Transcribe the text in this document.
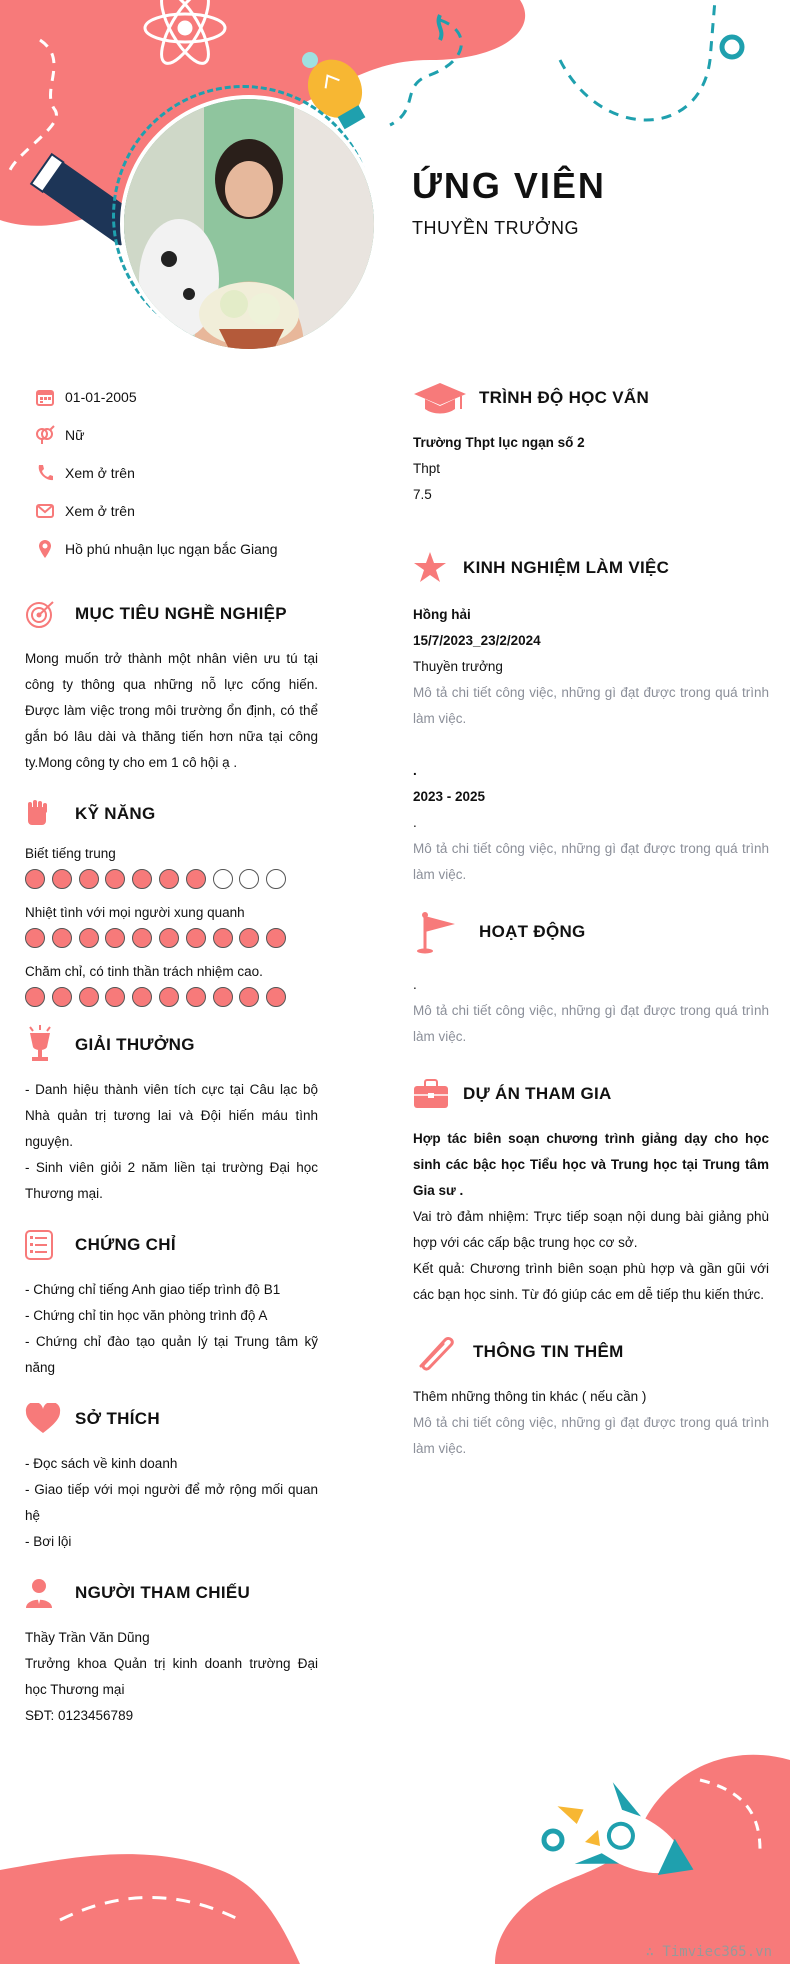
ỨNG VIÊN
THUYỀN TRƯỞNG
01-01-2005
Nữ
Xem ở trên
Xem ở trên
Hồ phú nhuận lục ngạn bắc Giang
MỤC TIÊU NGHỀ NGHIỆP
Mong muốn trở thành một nhân viên ưu tú tại công ty thông qua những nỗ lực cống hiến. Được làm việc trong môi trường ổn định, có thể gắn bó lâu dài và thăng tiến hơn nữa tại công ty.Mong công ty cho em 1 cô hội ạ .
KỸ NĂNG
Biết tiếng trung
Nhiệt tình với mọi người xung quanh
Chăm chỉ, có tinh thần trách nhiệm cao.
GIẢI THƯỞNG
- Danh hiệu thành viên tích cực tại Câu lạc bộ Nhà quản trị tương lai và Đội hiến máu tình nguyện.
- Sinh viên giỏi 2 năm liền tại trường Đại học Thương mại.
CHỨNG CHỈ
- Chứng chỉ tiếng Anh giao tiếp trình độ B1
- Chứng chỉ tin học văn phòng trình độ A
- Chứng chỉ đào tạo quản lý tại Trung tâm kỹ năng
SỞ THÍCH
- Đọc sách về kinh doanh
- Giao tiếp với mọi người để mở rộng mối quan hệ
- Bơi lội
NGƯỜI THAM CHIẾU
Thầy Trần Văn Dũng
Trưởng khoa Quản trị kinh doanh trường Đại học Thương mại
SĐT: 0123456789
TRÌNH ĐỘ HỌC VẤN
Trường Thpt lục ngạn số 2
Thpt
7.5
KINH NGHIỆM LÀM VIỆC
Hồng hải
15/7/2023_23/2/2024
Thuyền trưởng
Mô tả chi tiết công việc, những gì đạt được trong quá trình làm việc.
.
2023 - 2025
.
Mô tả chi tiết công việc, những gì đạt được trong quá trình làm việc.
HOẠT ĐỘNG
.
Mô tả chi tiết công việc, những gì đạt được trong quá trình làm việc.
DỰ ÁN THAM GIA
Hợp tác biên soạn chương trình giảng dạy cho học sinh các bậc học Tiểu học và Trung học tại Trung tâm Gia sư .
Vai trò đảm nhiệm: Trực tiếp soạn nội dung bài giảng phù hợp với các cấp bậc trung học cơ sở.
Kết quả: Chương trình biên soạn phù hợp và gần gũi với các bạn học sinh. Từ đó giúp các em dễ tiếp thu kiến thức.
THÔNG TIN THÊM
Thêm những thông tin khác ( nếu cần )
Mô tả chi tiết công việc, những gì đạt được trong quá trình làm việc.
∴ Timviec365.vn
